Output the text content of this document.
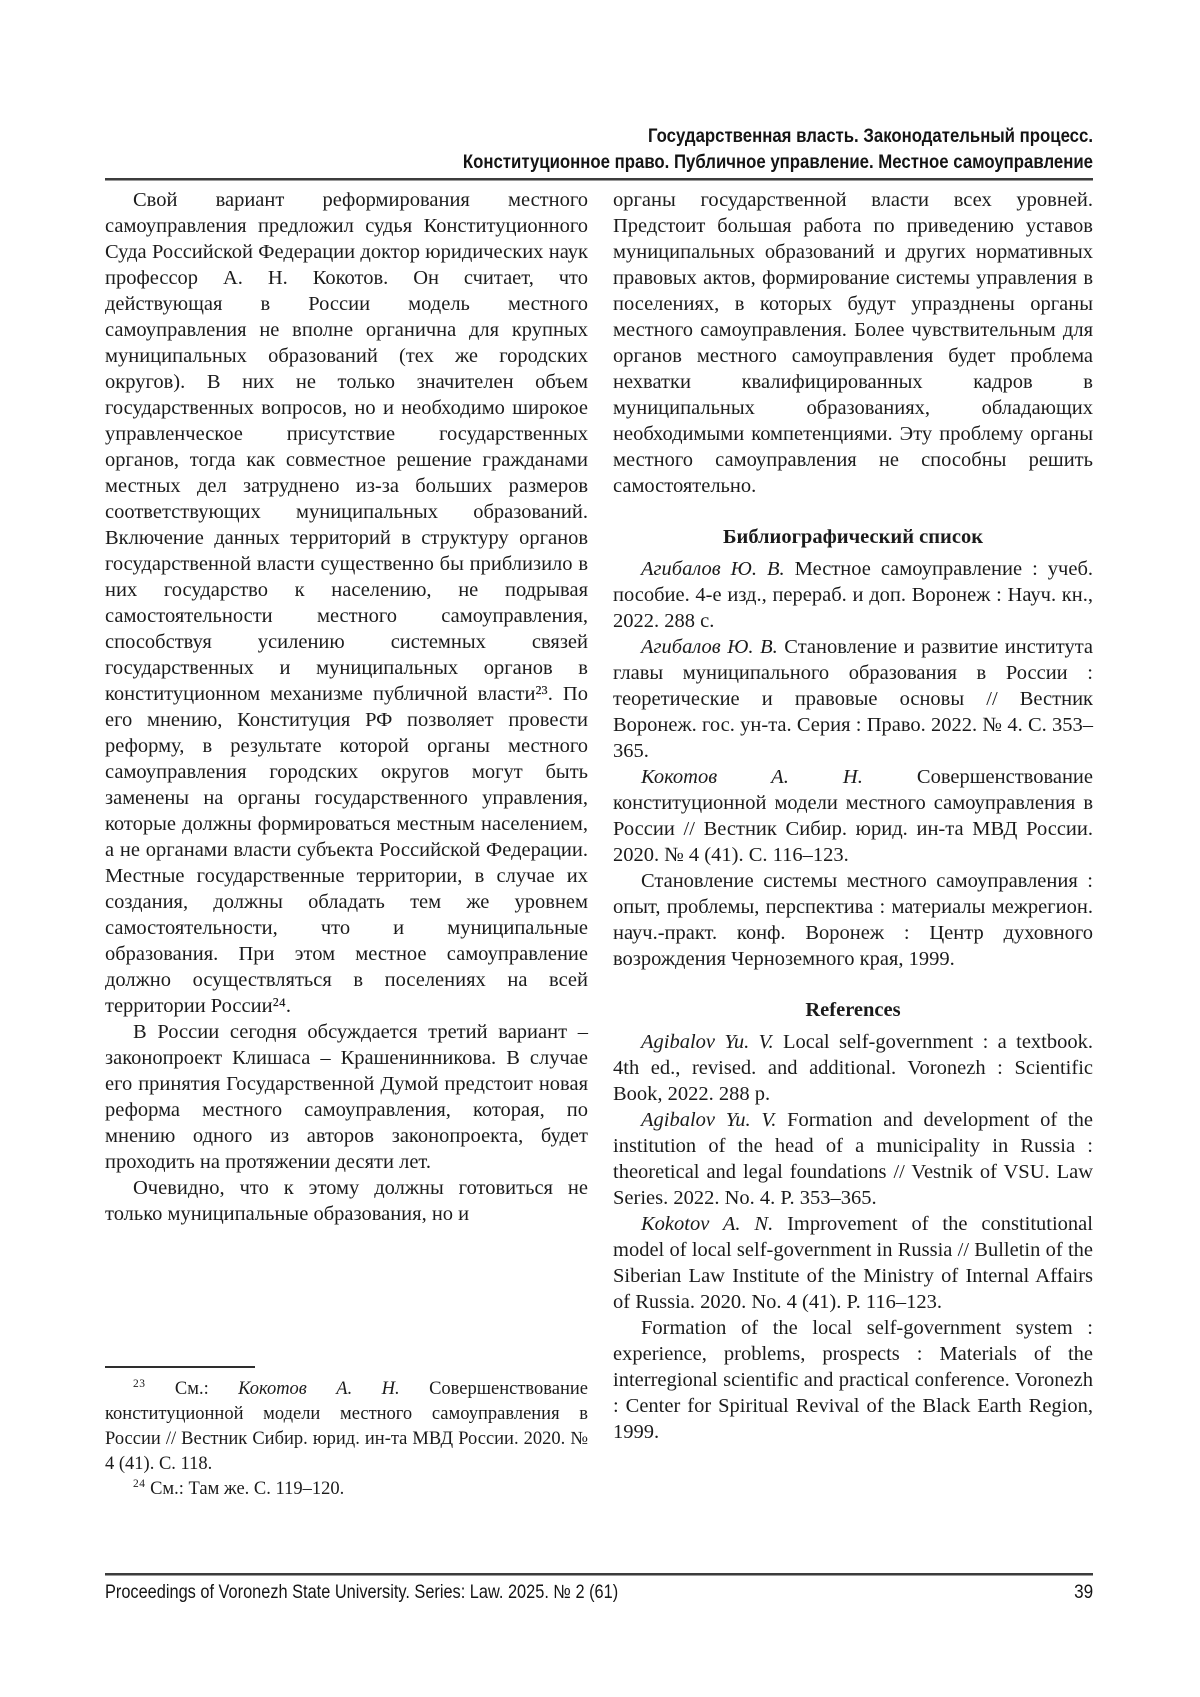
Государственная власть. Законодательный процесс.
Конституционное право. Публичное управление. Местное самоуправление

Свой вариант реформирования местного самоуправления предложил судья Конституционного Суда Российской Федерации доктор юридических наук профессор А. Н. Кокотов. Он считает, что действующая в России модель местного самоуправления не вполне органична для крупных муниципальных образований (тех же городских округов). В них не только значителен объем государственных вопросов, но и необходимо широкое управленческое присутствие государственных органов, тогда как совместное решение гражданами местных дел затруднено из-за больших размеров соответствующих муниципальных образований. Включение данных территорий в структуру органов государственной власти существенно бы приблизило в них государство к населению, не подрывая самостоятельности местного самоуправления, способствуя усилению системных связей государственных и муниципальных органов в конституционном механизме публичной власти²³. По его мнению, Конституция РФ позволяет провести реформу, в результате которой органы местного самоуправления городских округов могут быть заменены на органы государственного управления, которые должны формироваться местным населением, а не органами власти субъекта Российской Федерации. Местные государственные территории, в случае их создания, должны обладать тем же уровнем самостоятельности, что и муниципальные образования. При этом местное самоуправление должно осуществляться в поселениях на всей территории России²⁴.

В России сегодня обсуждается третий вариант – законопроект Клишаса – Крашенинникова. В случае его принятия Государственной Думой предстоит новая реформа местного самоуправления, которая, по мнению одного из авторов законопроекта, будет проходить на протяжении десяти лет.

Очевидно, что к этому должны готовиться не только муниципальные образования, но и

органы государственной власти всех уровней. Предстоит большая работа по приведению уставов муниципальных образований и других нормативных правовых актов, формирование системы управления в поселениях, в которых будут упразднены органы местного самоуправления. Более чувствительным для органов местного самоуправления будет проблема нехватки квалифицированных кадров в муниципальных образованиях, обладающих необходимыми компетенциями. Эту проблему органы местного самоуправления не способны решить самостоятельно.

Библиографический список

Агибалов Ю. В. Местное самоуправление : учеб. пособие. 4-е изд., перераб. и доп. Воронеж : Науч. кн., 2022. 288 с.

Агибалов Ю. В. Становление и развитие института главы муниципального образования в России : теоретические и правовые основы // Вестник Воронеж. гос. ун-та. Серия : Право. 2022. № 4. С. 353–365.

Кокотов А. Н. Совершенствование конституционной модели местного самоуправления в России // Вестник Сибир. юрид. ин-та МВД России. 2020. № 4 (41). С. 116–123.

Становление системы местного самоуправления : опыт, проблемы, перспектива : материалы межрегион. науч.-практ. конф. Воронеж : Центр духовного возрождения Черноземного края, 1999.

References

Agibalov Yu. V. Local self-government : a textbook. 4th ed., revised. and additional. Voronezh : Scientific Book, 2022. 288 p.

Agibalov Yu. V. Formation and development of the institution of the head of a municipality in Russia : theoretical and legal foundations // Vestnik of VSU. Law Series. 2022. No. 4. P. 353–365.

Kokotov A. N. Improvement of the constitutional model of local self-government in Russia // Bulletin of the Siberian Law Institute of the Ministry of Internal Affairs of Russia. 2020. No. 4 (41). P. 116–123.

Formation of the local self-government system : experience, problems, prospects : Materials of the interregional scientific and practical conference. Voronezh : Center for Spiritual Revival of the Black Earth Region, 1999.

$^{23}$ См.: Кокотов А. Н. Совершенствование конституционной модели местного самоуправления в России // Вестник Сибир. юрид. ин-та МВД России. 2020. № 4 (41). С. 118.

$^{24}$ См.: Там же. С. 119–120.

Proceedings of Voronezh State University. Series: Law. 2025. № 2 (61)	39
